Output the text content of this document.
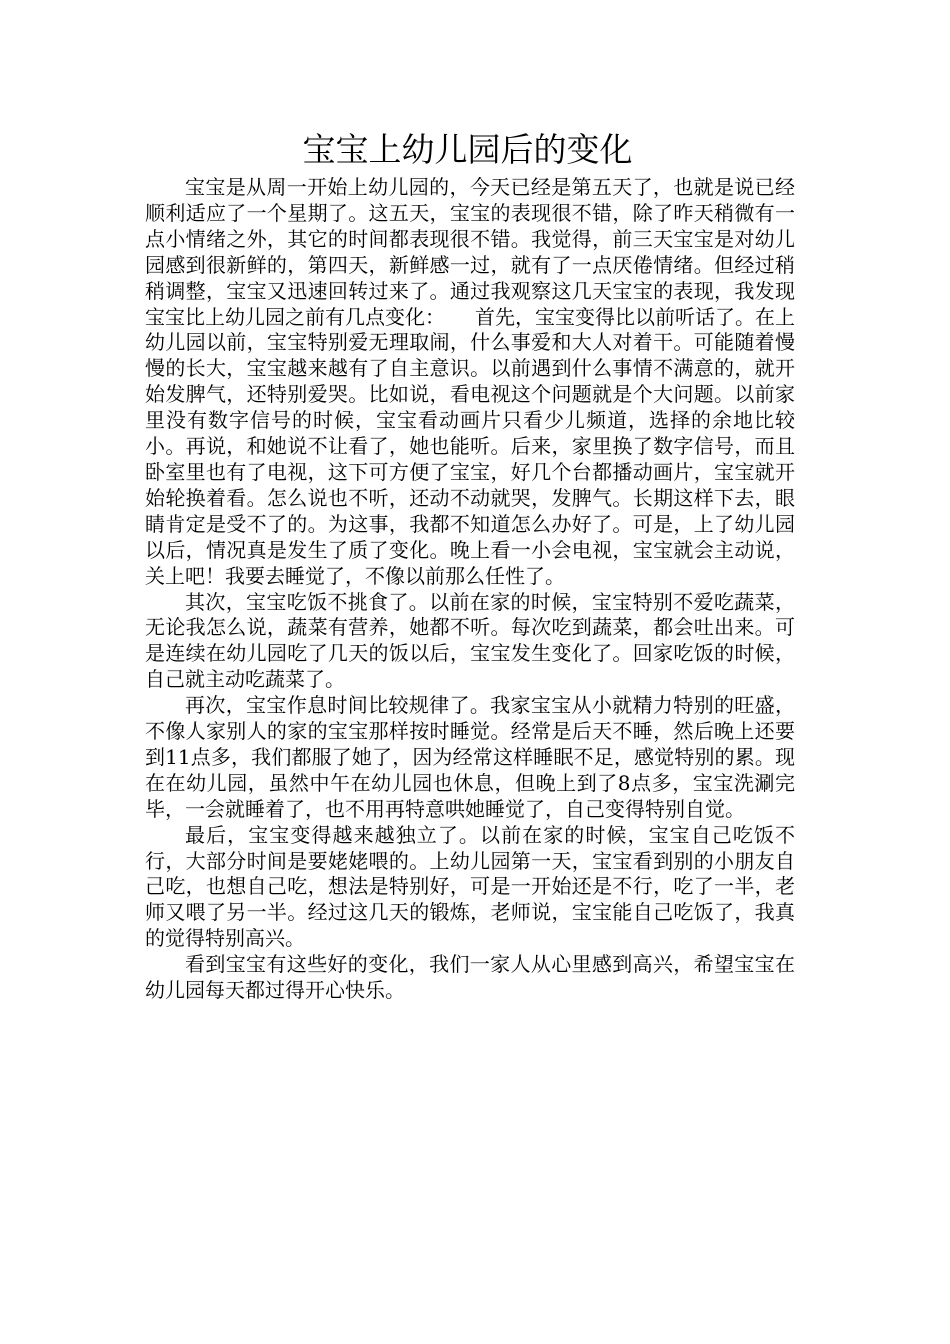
宝宝上幼儿园后的变化

宝宝是从周一开始上幼儿园的，今天已经是第五天了，也就是说已经顺利适应了一个星期了。这五天，宝宝的表现很不错，除了昨天稍微有一点小情绪之外，其它的时间都表现很不错。我觉得，前三天宝宝是对幼儿园感到很新鲜的，第四天，新鲜感一过，就有了一点厌倦情绪。但经过稍稍调整，宝宝又迅速回转过来了。通过我观察这几天宝宝的表现，我发现宝宝比上幼儿园之前有几点变化：　　首先，宝宝变得比以前听话了。在上幼儿园以前，宝宝特别爱无理取闹，什么事爱和大人对着干。可能随着慢慢的长大，宝宝越来越有了自主意识。以前遇到什么事情不满意的，就开始发脾气，还特别爱哭。比如说，看电视这个问题就是个大问题。以前家里没有数字信号的时候，宝宝看动画片只看少儿频道，选择的余地比较小。再说，和她说不让看了，她也能听。后来，家里换了数字信号，而且卧室里也有了电视，这下可方便了宝宝，好几个台都播动画片，宝宝就开始轮换着看。怎么说也不听，还动不动就哭，发脾气。长期这样下去，眼睛肯定是受不了的。为这事，我都不知道怎么办好了。可是，上了幼儿园以后，情况真是发生了质了变化。晚上看一小会电视，宝宝就会主动说，关上吧！我要去睡觉了，不像以前那么任性了。

其次，宝宝吃饭不挑食了。以前在家的时候，宝宝特别不爱吃蔬菜，无论我怎么说，蔬菜有营养，她都不听。每次吃到蔬菜，都会吐出来。可是连续在幼儿园吃了几天的饭以后，宝宝发生变化了。回家吃饭的时候，自己就主动吃蔬菜了。

再次，宝宝作息时间比较规律了。我家宝宝从小就精力特别的旺盛，不像人家别人的家的宝宝那样按时睡觉。经常是后天不睡，然后晚上还要到11点多，我们都服了她了，因为经常这样睡眠不足，感觉特别的累。现在在幼儿园，虽然中午在幼儿园也休息，但晚上到了8点多，宝宝洗涮完毕，一会就睡着了，也不用再特意哄她睡觉了，自己变得特别自觉。

最后，宝宝变得越来越独立了。以前在家的时候，宝宝自己吃饭不行，大部分时间是要姥姥喂的。上幼儿园第一天，宝宝看到别的小朋友自己吃，也想自己吃，想法是特别好，可是一开始还是不行，吃了一半，老师又喂了另一半。经过这几天的锻炼，老师说，宝宝能自己吃饭了，我真的觉得特别高兴。

看到宝宝有这些好的变化，我们一家人从心里感到高兴，希望宝宝在幼儿园每天都过得开心快乐。
